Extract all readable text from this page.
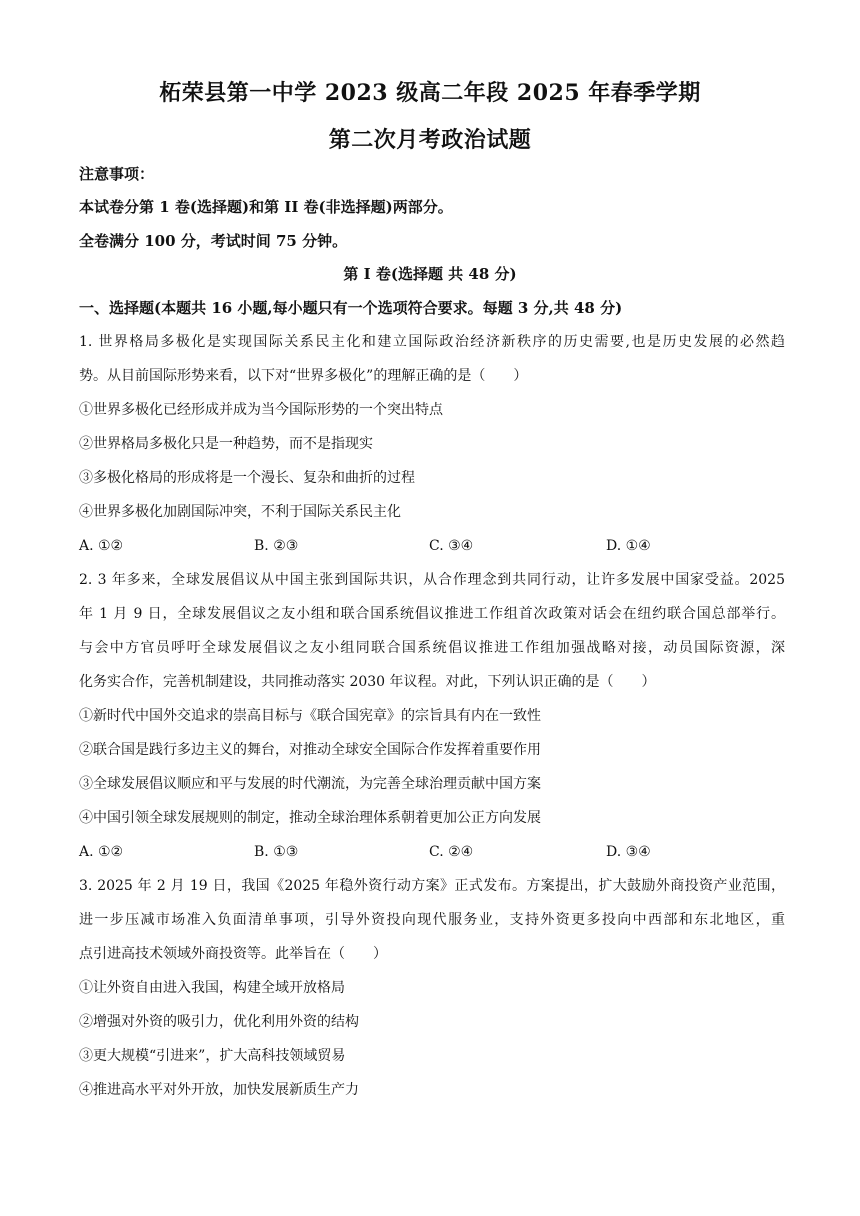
柘荣县第一中学 2023 级高二年段 2025 年春季学期
第二次月考政治试题
注意事项：
本试卷分第 1 卷(选择题)和第 II 卷(非选择题)两部分。
全卷满分 100 分，考试时间 75 分钟。
第 I 卷(选择题 共 48 分)
一、选择题(本题共 16 小题,每小题只有一个选项符合要求。每题 3 分,共 48 分)
1. 世界格局多极化是实现国际关系民主化和建立国际政治经济新秩序的历史需要,也是历史发展的必然趋
势。从目前国际形势来看，以下对“世界多极化”的理解正确的是（　　）
①世界多极化已经形成并成为当今国际形势的一个突出特点
②世界格局多极化只是一种趋势，而不是指现实
③多极化格局的形成将是一个漫长、复杂和曲折的过程
④世界多极化加剧国际冲突，不利于国际关系民主化
A. ①②	B. ②③	C. ③④	D. ①④
2. 3 年多来，全球发展倡议从中国主张到国际共识，从合作理念到共同行动，让许多发展中国家受益。2025
年 1 月 9 日，全球发展倡议之友小组和联合国系统倡议推进工作组首次政策对话会在纽约联合国总部举行。
与会中方官员呼吁全球发展倡议之友小组同联合国系统倡议推进工作组加强战略对接，动员国际资源，深
化务实合作，完善机制建设，共同推动落实 2030 年议程。对此，下列认识正确的是（　　）
①新时代中国外交追求的崇高目标与《联合国宪章》的宗旨具有内在一致性
②联合国是践行多边主义的舞台，对推动全球安全国际合作发挥着重要作用
③全球发展倡议顺应和平与发展的时代潮流，为完善全球治理贡献中国方案
④中国引领全球发展规则的制定，推动全球治理体系朝着更加公正方向发展
A. ①②	B. ①③	C. ②④	D. ③④
3. 2025 年 2 月 19 日，我国《2025 年稳外资行动方案》正式发布。方案提出，扩大鼓励外商投资产业范围，
进一步压减市场准入负面清单事项，引导外资投向现代服务业，支持外资更多投向中西部和东北地区，重
点引进高技术领域外商投资等。此举旨在（　　）
①让外资自由进入我国，构建全域开放格局
②增强对外资的吸引力，优化利用外资的结构
③更大规模“引进来”，扩大高科技领域贸易
④推进高水平对外开放，加快发展新质生产力
